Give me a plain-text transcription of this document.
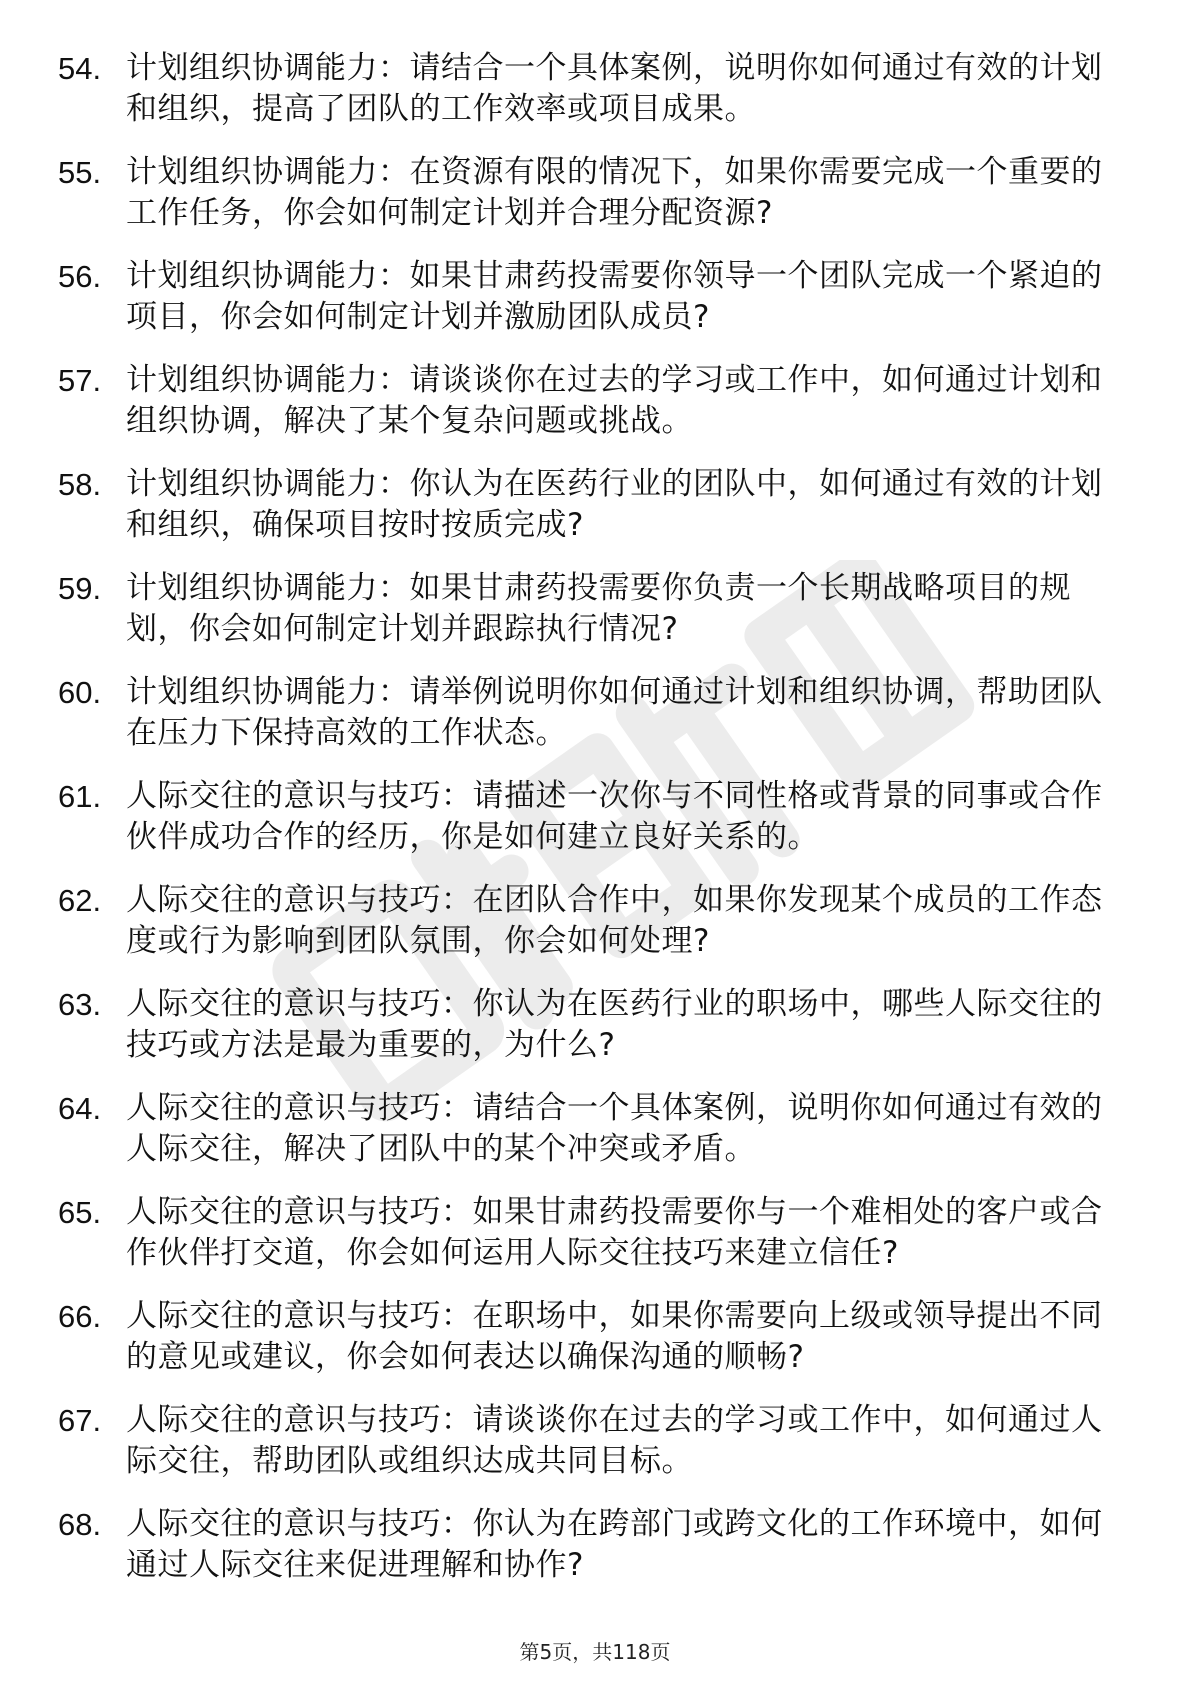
54. 计划组织协调能力：请结合一个具体案例，说明你如何通过有效的计划和组织，提高了团队的工作效率或项目成果。
55. 计划组织协调能力：在资源有限的情况下，如果你需要完成一个重要的工作任务，你会如何制定计划并合理分配资源?
56. 计划组织协调能力：如果甘肃药投需要你领导一个团队完成一个紧迫的项目，你会如何制定计划并激励团队成员?
57. 计划组织协调能力：请谈谈你在过去的学习或工作中，如何通过计划和组织协调，解决了某个复杂问题或挑战。
58. 计划组织协调能力：你认为在医药行业的团队中，如何通过有效的计划和组织，确保项目按时按质完成?
59. 计划组织协调能力：如果甘肃药投需要你负责一个长期战略项目的规划，你会如何制定计划并跟踪执行情况?
60. 计划组织协调能力：请举例说明你如何通过计划和组织协调，帮助团队在压力下保持高效的工作状态。
61. 人际交往的意识与技巧：请描述一次你与不同性格或背景的同事或合作伙伴成功合作的经历，你是如何建立良好关系的。
62. 人际交往的意识与技巧：在团队合作中，如果你发现某个成员的工作态度或行为影响到团队氛围，你会如何处理?
63. 人际交往的意识与技巧：你认为在医药行业的职场中，哪些人际交往的技巧或方法是最为重要的，为什么?
64. 人际交往的意识与技巧：请结合一个具体案例，说明你如何通过有效的人际交往，解决了团队中的某个冲突或矛盾。
65. 人际交往的意识与技巧：如果甘肃药投需要你与一个难相处的客户或合作伙伴打交道，你会如何运用人际交往技巧来建立信任?
66. 人际交往的意识与技巧：在职场中，如果你需要向上级或领导提出不同的意见或建议，你会如何表达以确保沟通的顺畅?
67. 人际交往的意识与技巧：请谈谈你在过去的学习或工作中，如何通过人际交往，帮助团队或组织达成共同目标。
68. 人际交往的意识与技巧：你认为在跨部门或跨文化的工作环境中，如何通过人际交往来促进理解和协作?
第5页，共118页
